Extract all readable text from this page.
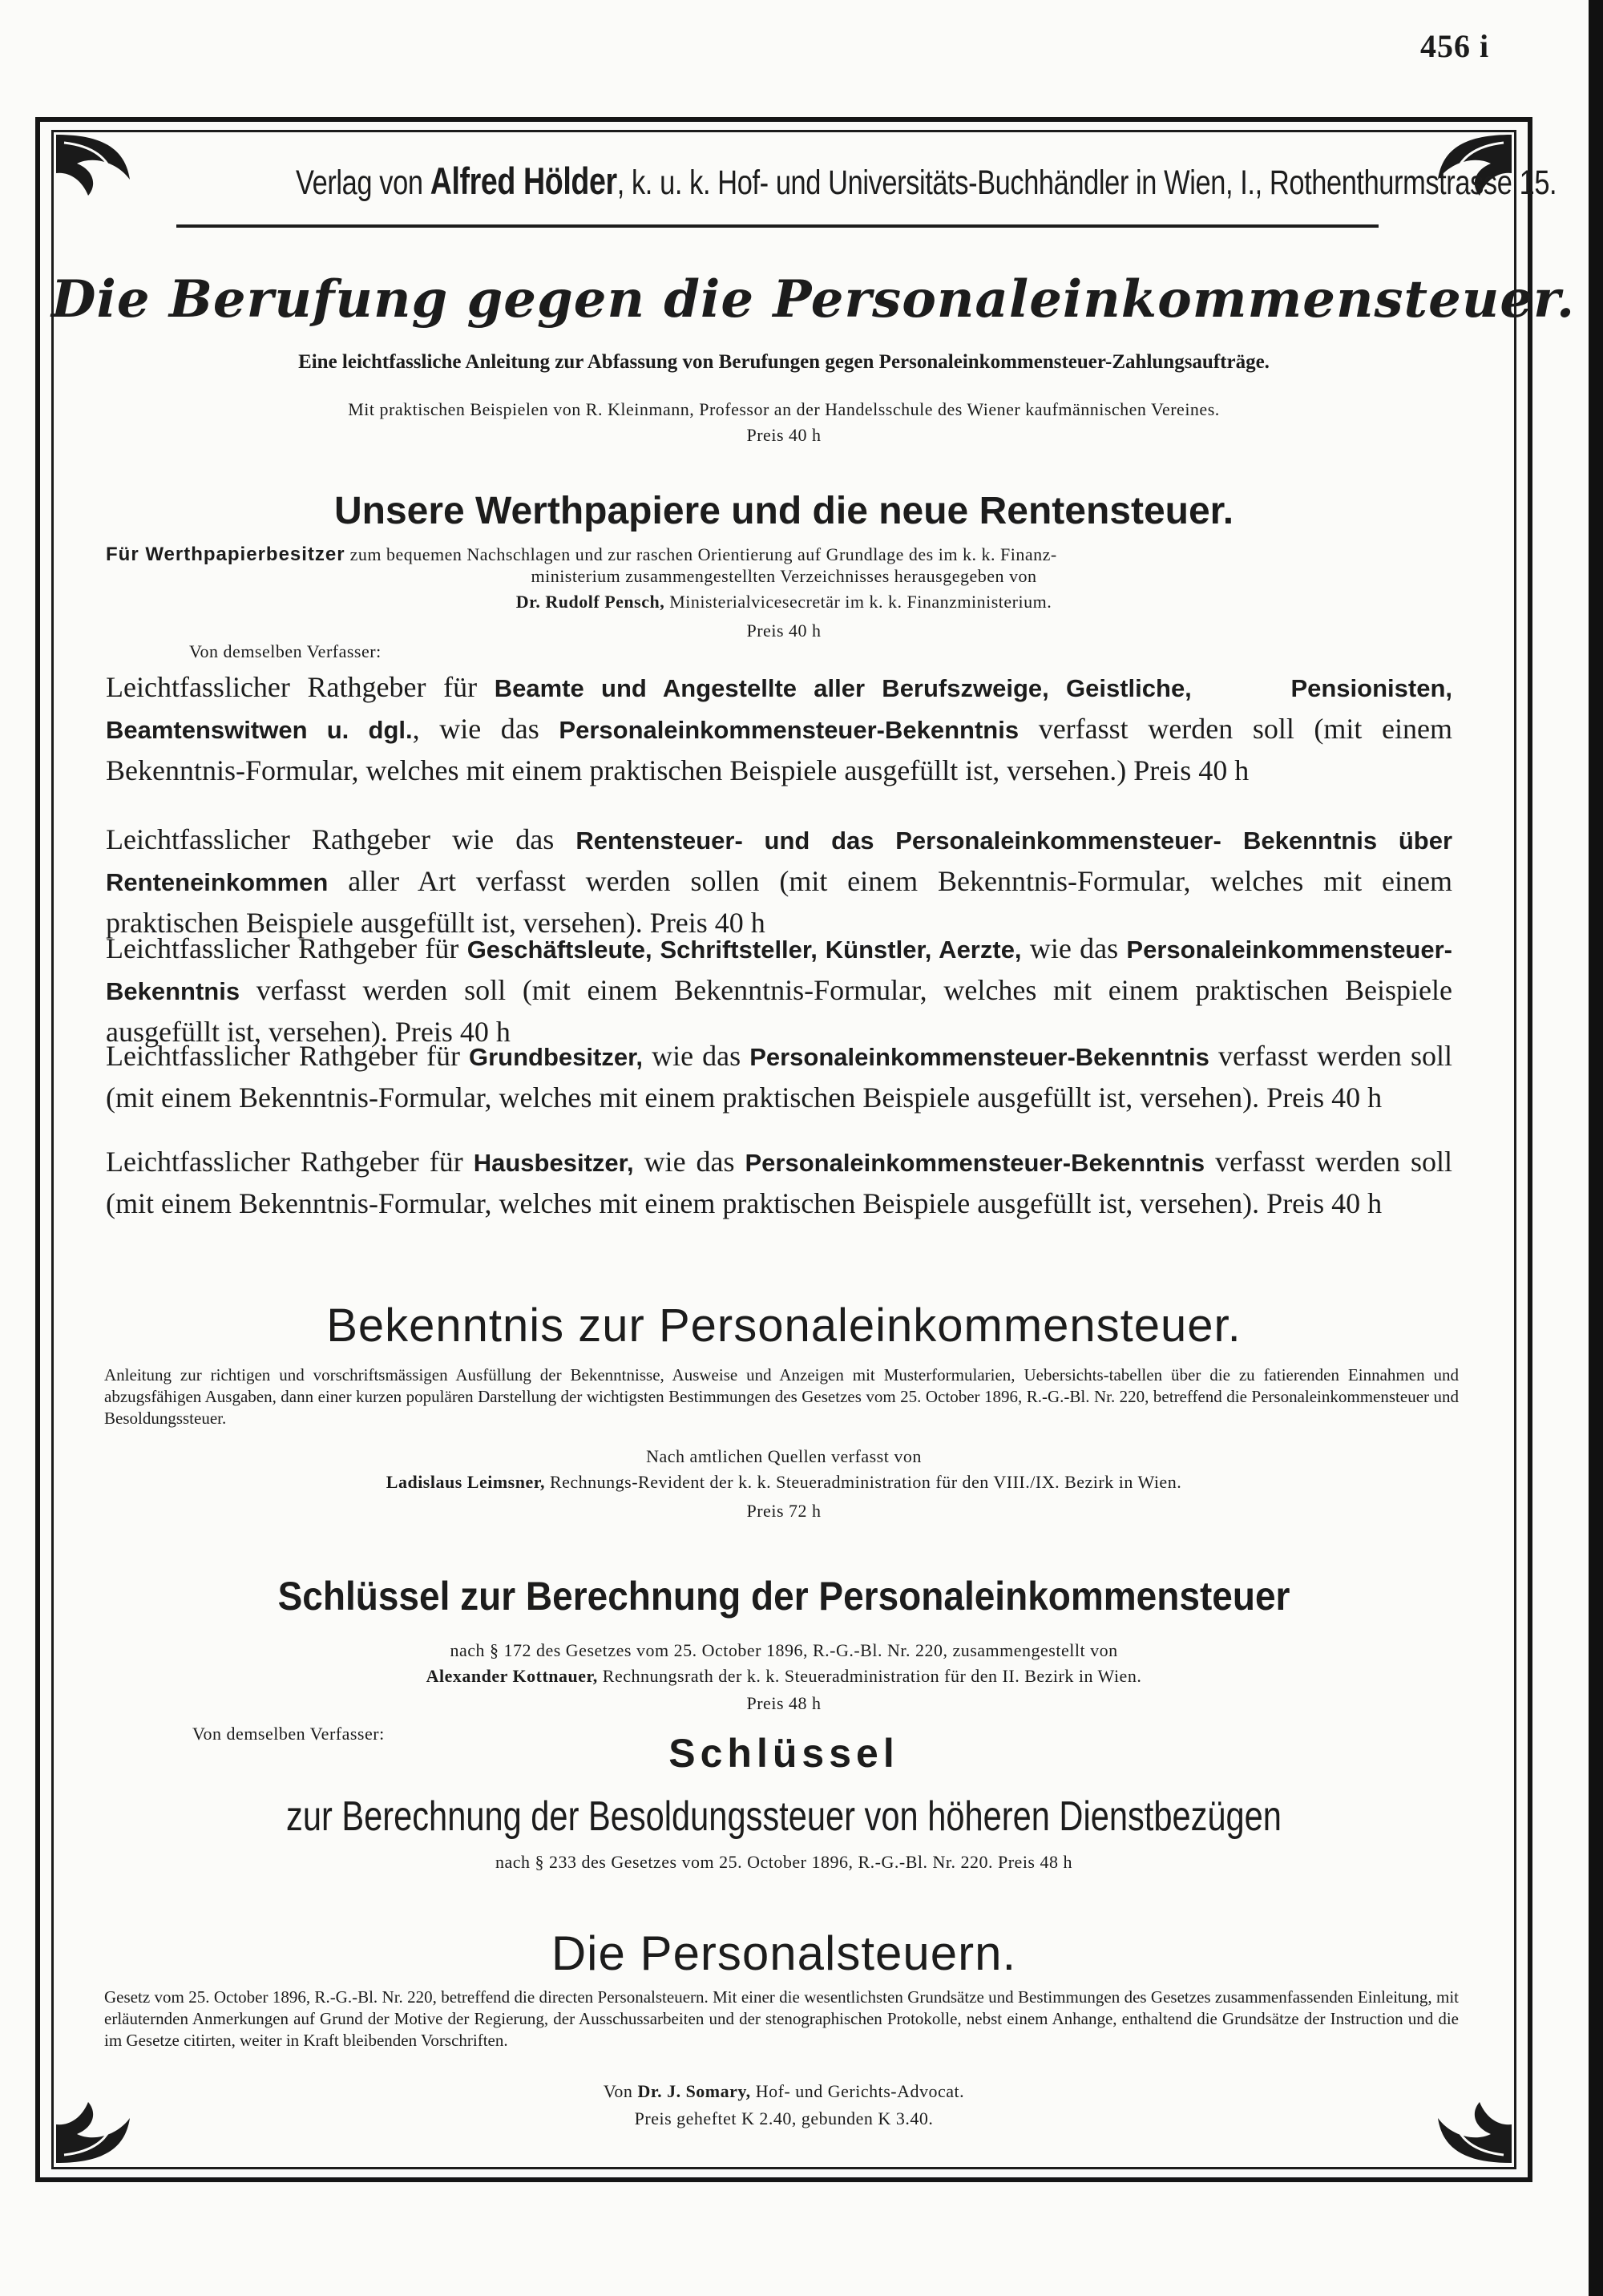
456 i
Verlag von Alfred Hölder, k. u. k. Hof- und Universitäts-Buchhändler in Wien, I., Rothenthurmstrasse 15.
Die Berufung gegen die Personaleinkommensteuer.
Eine leichtfassliche Anleitung zur Abfassung von Berufungen gegen Personaleinkommensteuer-Zahlungsaufträge.
Mit praktischen Beispielen von R. Kleinmann, Professor an der Handelsschule des Wiener kaufmännischen Vereines.
Preis 40 h
Unsere Werthpapiere und die neue Rentensteuer.
Für Werthpapierbesitzer zum bequemen Nachschlagen und zur raschen Orientierung auf Grundlage des im k. k. Finanz-
ministerium zusammengestellten Verzeichnisses herausgegeben von
Dr. Rudolf Pensch, Ministerialvicesecretär im k. k. Finanzministerium.
Preis 40 h
Von demselben Verfasser:
Leichtfasslicher Rathgeber für Beamte und Angestellte aller Berufszweige, Geistliche,	Pensionisten, Beamtenswitwen u. dgl., wie das Personaleinkommensteuer-Bekenntnis verfasst werden soll (mit einem Bekenntnis-Formular, welches mit einem praktischen Beispiele ausgefüllt ist, versehen.) Preis 40 h
Leichtfasslicher Rathgeber wie das Rentensteuer- und das Personaleinkommensteuer- Bekenntnis über Renteneinkommen aller Art verfasst werden sollen (mit einem Bekenntnis-Formular, welches mit einem praktischen Beispiele ausgefüllt ist, versehen). Preis 40 h
Leichtfasslicher Rathgeber für Geschäftsleute, Schriftsteller, Künstler, Aerzte, wie das Personaleinkommensteuer-Bekenntnis verfasst werden soll (mit einem Bekenntnis-Formular, welches mit einem praktischen Beispiele ausgefüllt ist, versehen). Preis 40 h
Leichtfasslicher Rathgeber für Grundbesitzer, wie das Personaleinkommensteuer-Bekenntnis verfasst werden soll (mit einem Bekenntnis-Formular, welches mit einem praktischen Beispiele ausgefüllt ist, versehen). Preis 40 h
Leichtfasslicher Rathgeber für Hausbesitzer, wie das Personaleinkommensteuer-Bekenntnis verfasst werden soll (mit einem Bekenntnis-Formular, welches mit einem praktischen Beispiele ausgefüllt ist, versehen). Preis 40 h
Bekenntnis zur Personaleinkommensteuer.
Anleitung zur richtigen und vorschriftsmässigen Ausfüllung der Bekenntnisse, Ausweise und Anzeigen mit Musterformularien, Uebersichts-tabellen über die zu fatierenden Einnahmen und abzugsfähigen Ausgaben, dann einer kurzen populären Darstellung der wichtigsten Bestimmungen des Gesetzes vom 25. October 1896, R.-G.-Bl. Nr. 220, betreffend die Personaleinkommensteuer und Besoldungssteuer.
Nach amtlichen Quellen verfasst von
Ladislaus Leimsner, Rechnungs-Revident der k. k. Steueradministration für den VIII./IX. Bezirk in Wien.
Preis 72 h
Schlüssel zur Berechnung der Personaleinkommensteuer
nach § 172 des Gesetzes vom 25. October 1896, R.-G.-Bl. Nr. 220, zusammengestellt von
Alexander Kottnauer, Rechnungsrath der k. k. Steueradministration für den II. Bezirk in Wien.
Preis 48 h
Von demselben Verfasser:	Schlüssel
zur Berechnung der Besoldungssteuer von höheren Dienstbezügen
nach § 233 des Gesetzes vom 25. October 1896, R.-G.-Bl. Nr. 220. Preis 48 h
Die Personalsteuern.
Gesetz vom 25. October 1896, R.-G.-Bl. Nr. 220, betreffend die directen Personalsteuern. Mit einer die wesentlichsten Grundsätze und Bestimmungen des Gesetzes zusammenfassenden Einleitung, mit erläuternden Anmerkungen auf Grund der Motive der Regierung, der Ausschussarbeiten und der stenographischen Protokolle, nebst einem Anhange, enthaltend die Grundsätze der Instruction und die im Gesetze citirten, weiter in Kraft bleibenden Vorschriften.
Von Dr. J. Somary, Hof- und Gerichts-Advocat.
Preis geheftet K 2.40, gebunden K 3.40.
